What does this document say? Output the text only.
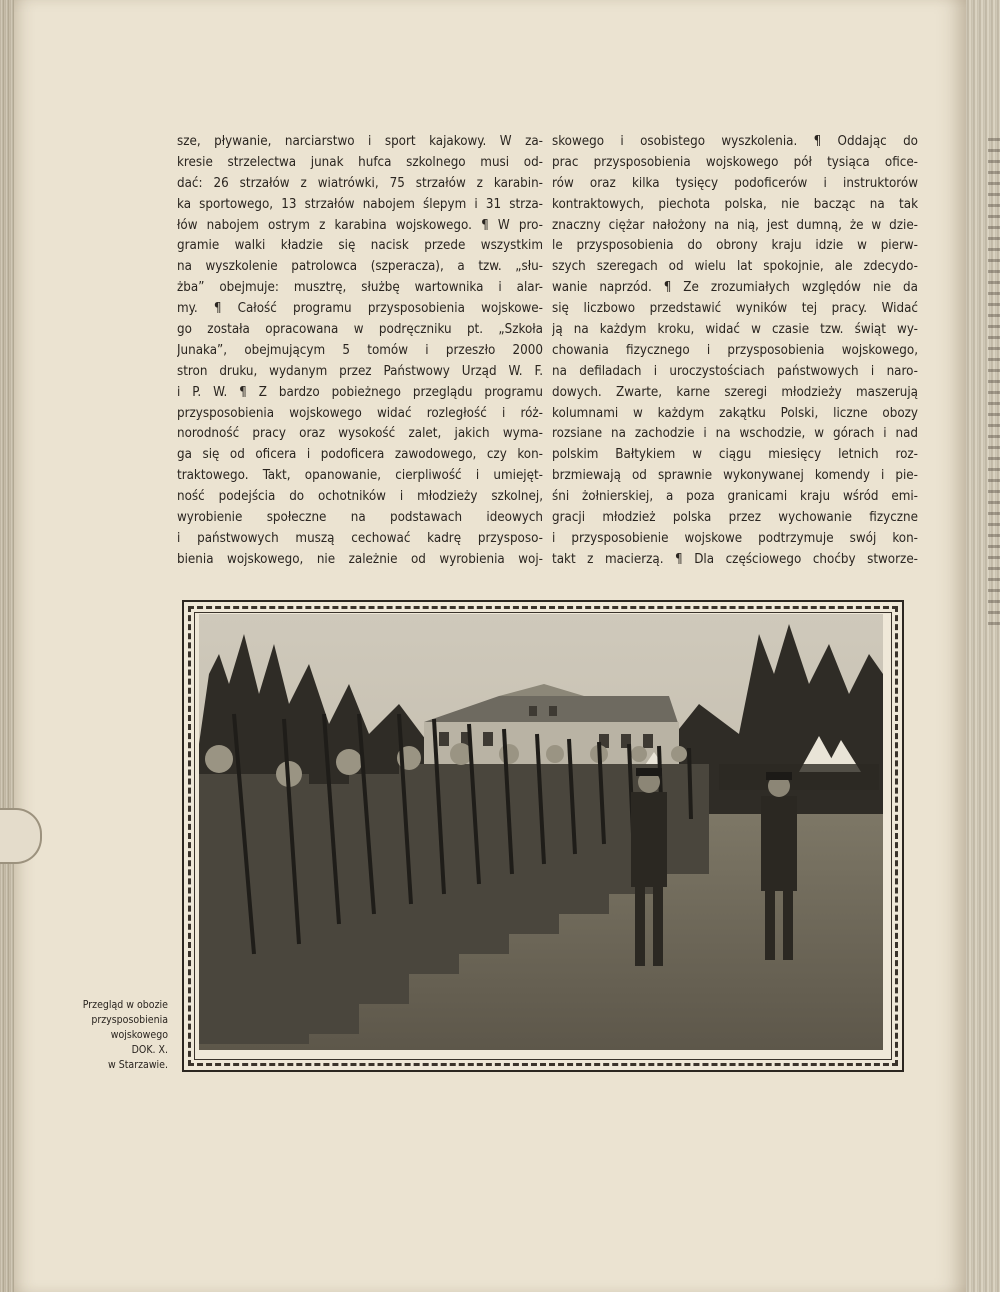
sze, pływanie, narciarstwo i sport kajakowy. W za-
kresie strzelectwa junak hufca szkolnego musi od-
dać: 26 strzałów z wiatrówki, 75 strzałów z karabin-
ka sportowego, 13 strzałów nabojem ślepym i 31 strza-
łów nabojem ostrym z karabina wojskowego. ¶ W pro-
gramie walki kładzie się nacisk przede wszystkim
na wyszkolenie patrolowca (szperacza), a tzw. „słu-
żba” obejmuje: musztrę, służbę wartownika i alar-
my. ¶ Całość programu przysposobienia wojskowe-
go została opracowana w podręczniku pt. „Szkoła
Junaka”, obejmującym 5 tomów i przeszło 2000
stron druku, wydanym przez Państwowy Urząd W. F.
i P. W. ¶ Z bardzo pobieżnego przeglądu programu
przysposobienia wojskowego widać rozległość i róż-
norodność pracy oraz wysokość zalet, jakich wyma-
ga się od oficera i podoficera zawodowego, czy kon-
traktowego. Takt, opanowanie, cierpliwość i umiejęt-
ność podejścia do ochotników i młodzieży szkolnej,
wyrobienie społeczne na podstawach ideowych
i państwowych muszą cechować kadrę przysposo-
bienia wojskowego, nie zależnie od wyrobienia woj-
skowego i osobistego wyszkolenia. ¶ Oddając do
prac przysposobienia wojskowego pół tysiąca ofice-
rów oraz kilka tysięcy podoficerów i instruktorów
kontraktowych, piechota polska, nie bacząc na tak
znaczny ciężar nałożony na nią, jest dumną, że w dzie-
le przysposobienia do obrony kraju idzie w pierw-
szych szeregach od wielu lat spokojnie, ale zdecydo-
wanie naprzód. ¶ Ze zrozumiałych względów nie da
się liczbowo przedstawić wyników tej pracy. Widać
ją na każdym kroku, widać w czasie tzw. świąt wy-
chowania fizycznego i przysposobienia wojskowego,
na defiladach i uroczystościach państwowych i naro-
dowych. Zwarte, karne szeregi młodzieży maszerują
kolumnami w każdym zakątku Polski, liczne obozy
rozsiane na zachodzie i na wschodzie, w górach i nad
polskim Bałtykiem w ciągu miesięcy letnich roz-
brzmiewają od sprawnie wykonywanej komendy i pie-
śni żołnierskiej, a poza granicami kraju wśród emi-
gracji młodzież polska przez wychowanie fizyczne
i przysposobienie wojskowe podtrzymuje swój kon-
takt z macierzą. ¶ Dla częściowego choćby stworze-
Przegląd w obozie
przysposobienia
wojskowego
DOK. X.
w Starzawie.
